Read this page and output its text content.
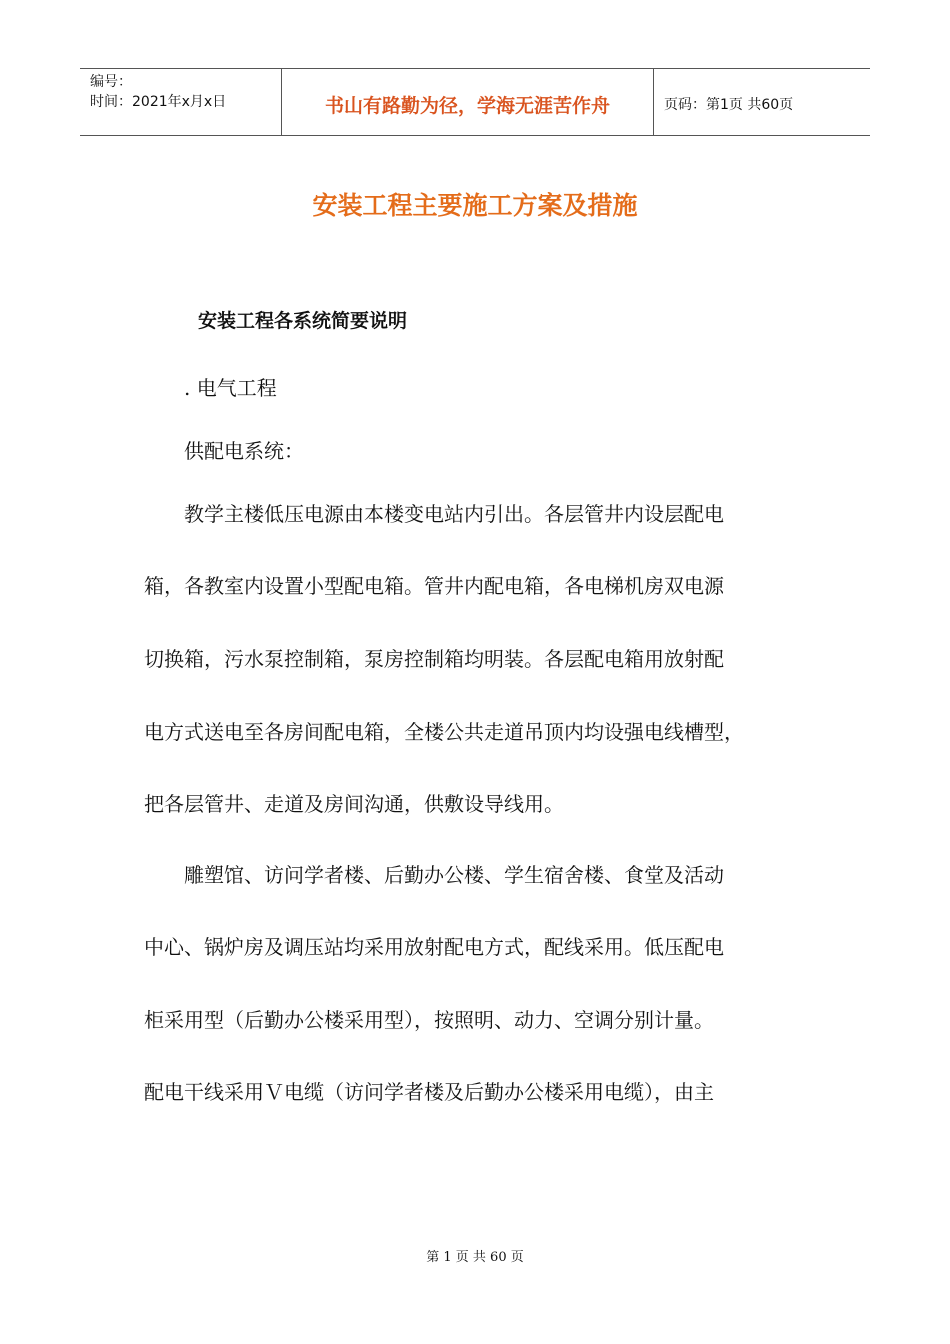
编号：
时间：2021年x月x日	书山有路勤为径，学海无涯苦作舟	页码：第1页 共60页
安装工程主要施工方案及措施
安装工程各系统简要说明
. 电气工程
供配电系统：
教学主楼低压电源由本楼变电站内引出。各层管井内设层配电
箱，各教室内设置小型配电箱。管井内配电箱，各电梯机房双电源
切换箱，污水泵控制箱，泵房控制箱均明装。各层配电箱用放射配
电方式送电至各房间配电箱，全楼公共走道吊顶内均设强电线槽型，
把各层管井、走道及房间沟通，供敷设导线用。
雕塑馆、访问学者楼、后勤办公楼、学生宿舍楼、食堂及活动
中心、锅炉房及调压站均采用放射配电方式，配线采用。低压配电
柜采用型（后勤办公楼采用型），按照明、动力、空调分别计量。
配电干线采用Ｖ电缆（访问学者楼及后勤办公楼采用电缆），由主
第 1 页 共 60 页
